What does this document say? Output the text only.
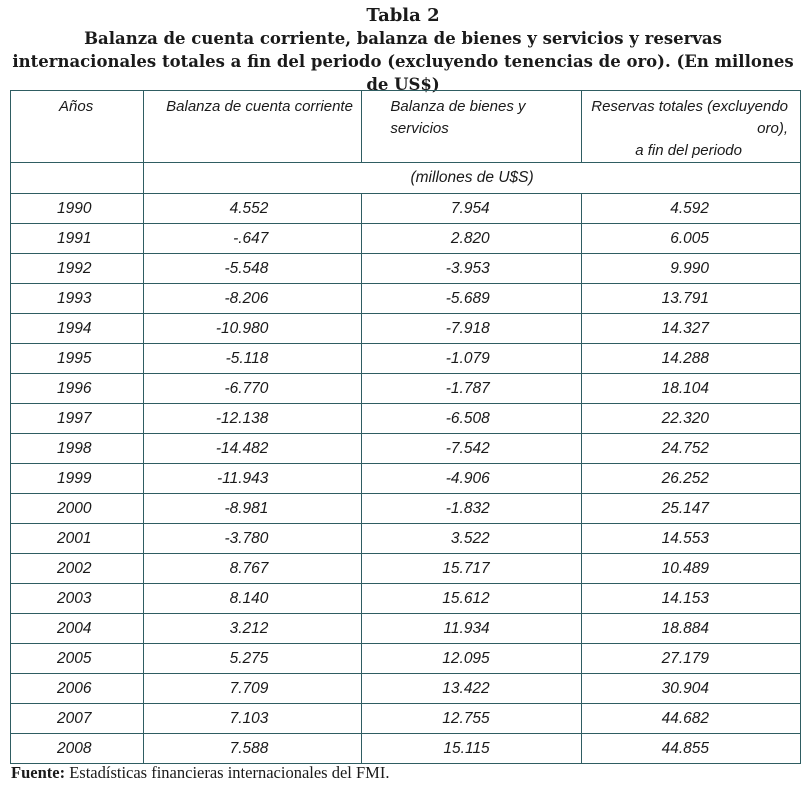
Tabla 2
Balanza de cuenta corriente, balanza de bienes y servicios y reservas
internacionales totales a fin del periodo (excluyendo tenencias de oro). (En millones de US$)
Años	Balanza de cuenta corriente	Balanza de bienes y servicios	Reservas totales (excluyendo oro),
a fin del periodo

	(millones de U$S)		
1990	4.552	7.954	4.592
1991	-.647	2.820	6.005
1992	-5.548	-3.953	9.990
1993	-8.206	-5.689	13.791
1994	-10.980	-7.918	14.327
1995	-5.118	-1.079	14.288
1996	-6.770	-1.787	18.104
1997	-12.138	-6.508	22.320
1998	-14.482	-7.542	24.752
1999	-11.943	-4.906	26.252
2000	-8.981	-1.832	25.147
2001	-3.780	3.522	14.553
2002	8.767	15.717	10.489
2003	8.140	15.612	14.153
2004	3.212	11.934	18.884
2005	5.275	12.095	27.179
2006	7.709	13.422	30.904
2007	7.103	12.755	44.682
2008	7.588	15.115	44.855
Fuente: Estadísticas financieras internacionales del FMI.
